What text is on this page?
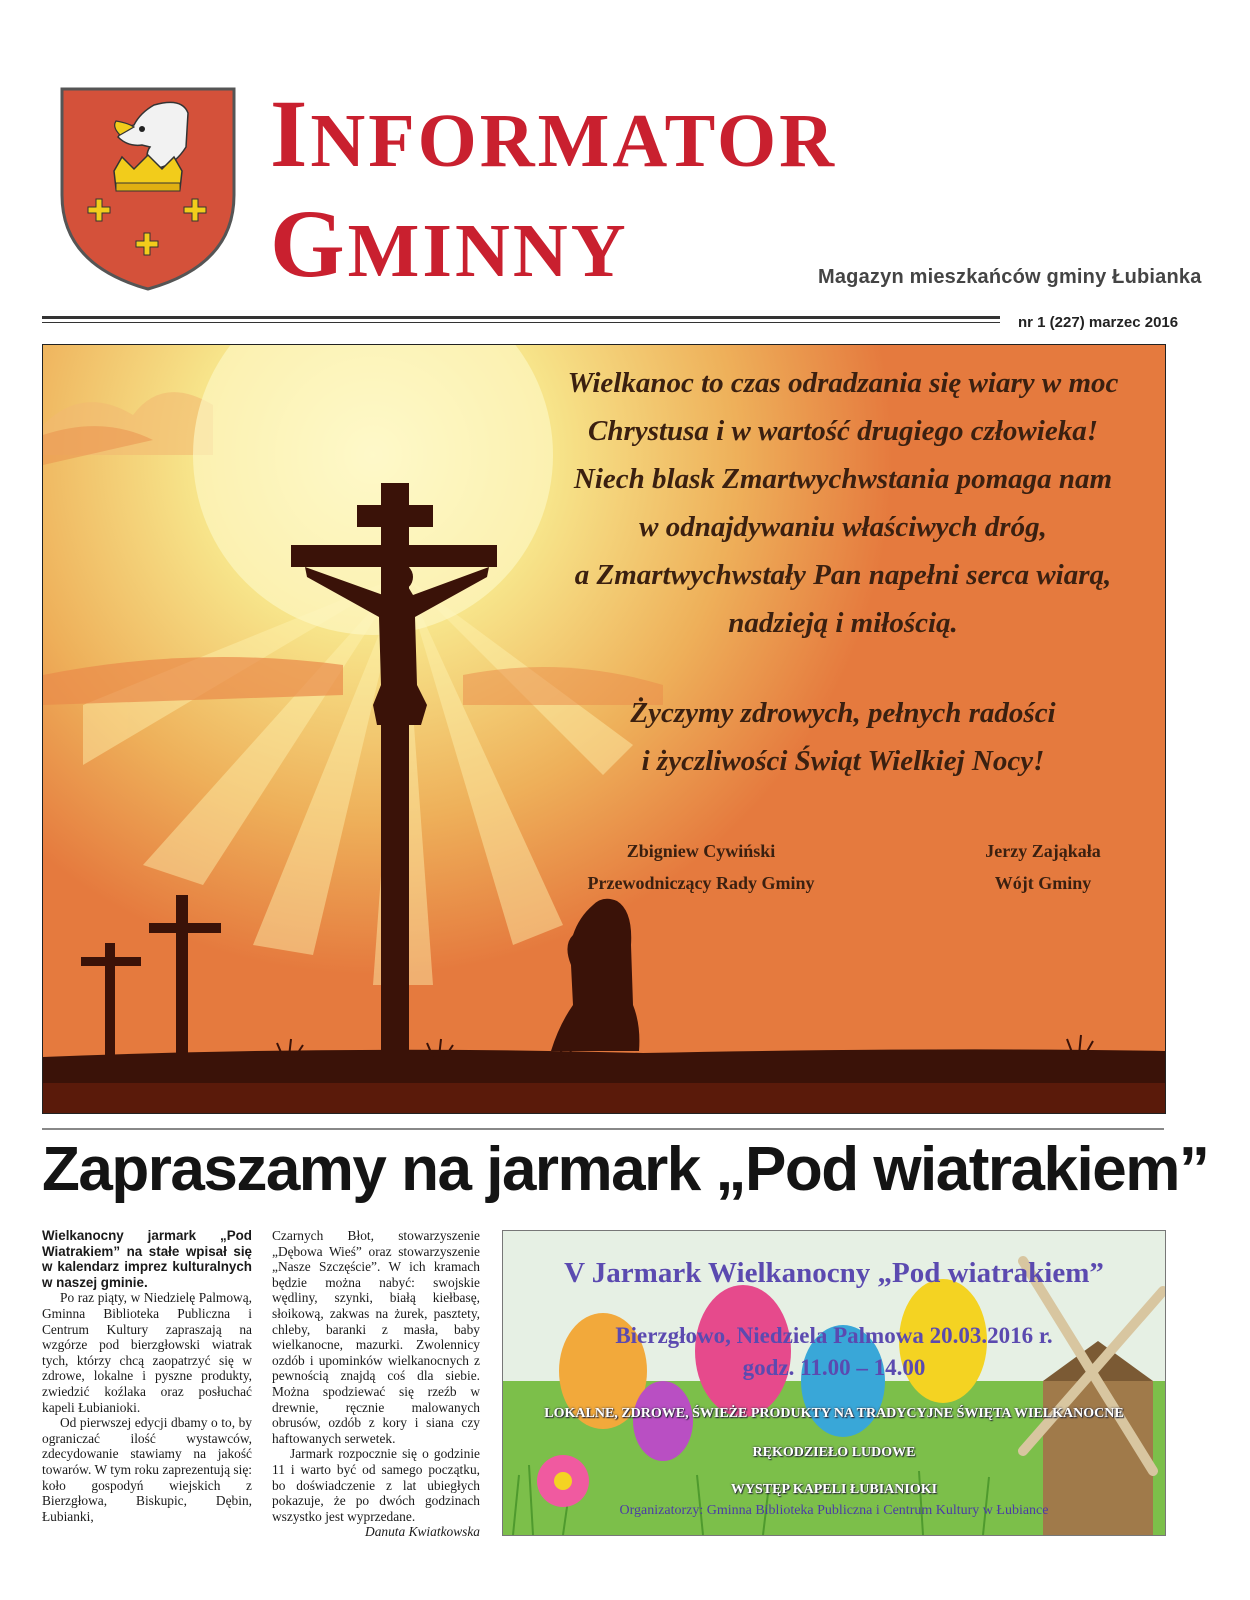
INFORMATOR
GMINNY	Magazyn mieszkańców gminy Łubianka
nr 1 (227) marzec 2016
Wielkanoc to czas odradzania się wiary w moc
Chrystusa i w wartość drugiego człowieka!
Niech blask Zmartwychwstania pomaga nam
w odnajdywaniu właściwych dróg,
a Zmartwychwstały Pan napełni serca wiarą,
nadzieją i miłością.
Życzymy zdrowych, pełnych radości
i życzliwości Świąt Wielkiej Nocy!
Zbigniew Cywiński
Przewodniczący Rady Gminy
Jerzy Zająkała
Wójt Gminy
Zapraszamy na jarmark „Pod wiatrakiem”

Wielkanocny jarmark „Pod Wiatrakiem” na stałe wpisał się w kalendarz imprez kulturalnych w naszej gminie.

Po raz piąty, w Niedzielę Palmową, Gminna Biblioteka Publiczna i Centrum Kultury zapraszają na wzgórze pod bierzgłowski wiatrak tych, którzy chcą zaopatrzyć się w zdrowe, lokalne i pyszne produkty, zwiedzić koźlaka oraz posłuchać kapeli Łubianioki.

Od pierwszej edycji dbamy o to, by ograniczać ilość wystawców, zdecydowanie stawiamy na jakość towarów. W tym roku zaprezentują się: koło gospodyń wiejskich z Bierzgłowa, Biskupic, Dębin, Łubianki,

Czarnych Błot, stowarzyszenie „Dębowa Wieś” oraz stowarzyszenie „Nasze Szczęście”. W ich kramach będzie można nabyć: swojskie wędliny, szynki, białą kiełbasę, słoikową, zakwas na żurek, pasztety, chleby, baranki z masła, baby wielkanocne, mazurki. Zwolennicy ozdób i upominków wielkanocnych z pewnością znajdą coś dla siebie. Można spodziewać się rzeźb w drewnie, ręcznie malowanych obrusów, ozdób z kory i siana czy haftowanych serwetek.

Jarmark rozpocznie się o godzinie 11 i warto być od samego początku, bo doświadczenie z lat ubiegłych pokazuje, że po dwóch godzinach wszystko jest wyprzedane.

Danuta Kwiatkowska

V Jarmark Wielkanocny „Pod wiatrakiem”
Bierzgłowo, Niedziela Palmowa 20.03.2016 r.
godz. 11.00 – 14.00
LOKALNE, ZDROWE, ŚWIEŻE PRODUKTY NA TRADYCYJNE ŚWIĘTA WIELKANOCNE
RĘKODZIEŁO LUDOWE
WYSTĘP KAPELI ŁUBIANIOKI
Organizatorzy: Gminna Biblioteka Publiczna i Centrum Kultury w Łubiance
